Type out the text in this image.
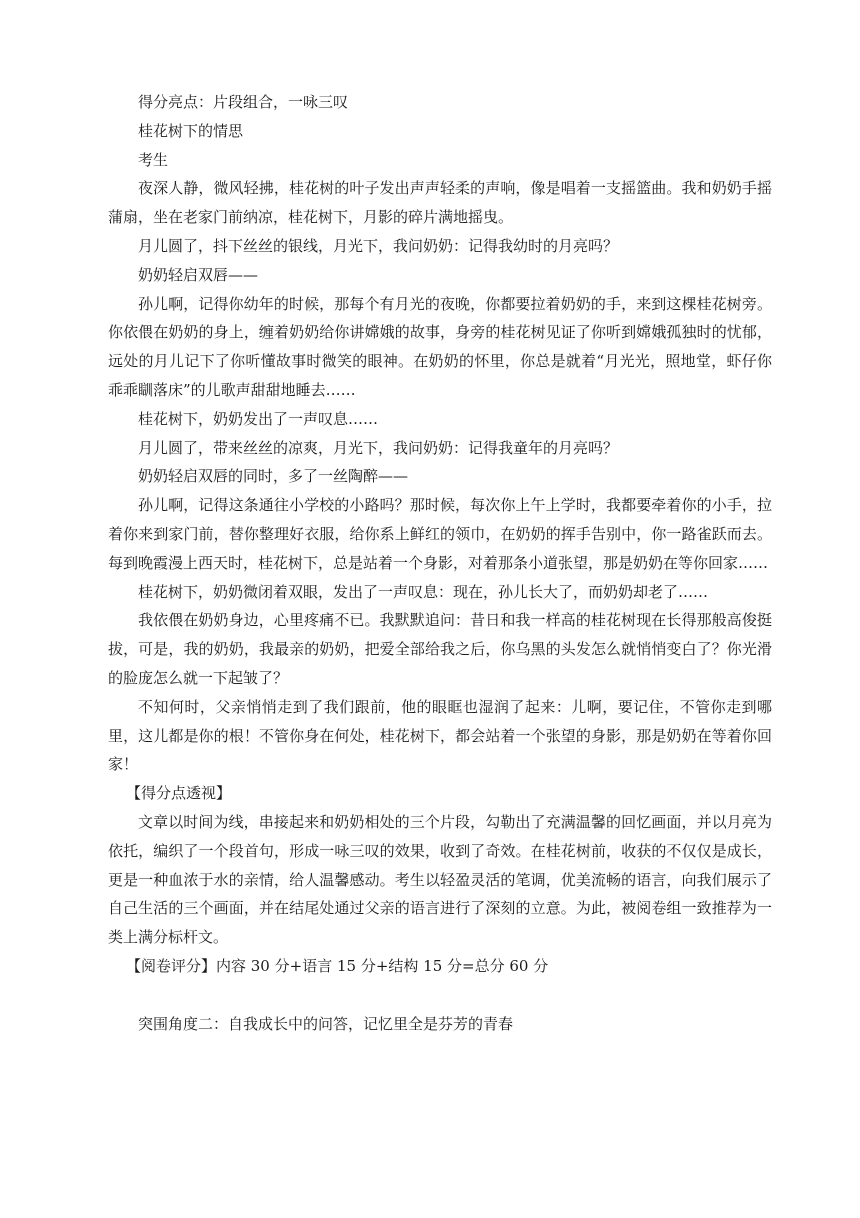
得分亮点：片段组合，一咏三叹

桂花树下的情思

考生

夜深人静，微风轻拂，桂花树的叶子发出声声轻柔的声响，像是唱着一支摇篮曲。我和奶奶手摇蒲扇，坐在老家门前纳凉，桂花树下，月影的碎片满地摇曳。

月儿圆了，抖下丝丝的银线，月光下，我问奶奶：记得我幼时的月亮吗？

奶奶轻启双唇——

孙儿啊，记得你幼年的时候，那每个有月光的夜晚，你都要拉着奶奶的手，来到这棵桂花树旁。你依偎在奶奶的身上，缠着奶奶给你讲嫦娥的故事，身旁的桂花树见证了你听到嫦娥孤独时的忧郁，远处的月儿记下了你听懂故事时微笑的眼神。在奶奶的怀里，你总是就着“月光光，照地堂，虾仔你乖乖瞓落床”的儿歌声甜甜地睡去……

桂花树下，奶奶发出了一声叹息……

月儿圆了，带来丝丝的凉爽，月光下，我问奶奶：记得我童年的月亮吗？

奶奶轻启双唇的同时，多了一丝陶醉——

孙儿啊，记得这条通往小学校的小路吗？那时候，每次你上午上学时，我都要牵着你的小手，拉着你来到家门前，替你整理好衣服，给你系上鲜红的领巾，在奶奶的挥手告别中，你一路雀跃而去。每到晚霞漫上西天时，桂花树下，总是站着一个身影，对着那条小道张望，那是奶奶在等你回家……

桂花树下，奶奶微闭着双眼，发出了一声叹息：现在，孙儿长大了，而奶奶却老了……

我依偎在奶奶身边，心里疼痛不已。我默默追问：昔日和我一样高的桂花树现在长得那般高俊挺拔，可是，我的奶奶，我最亲的奶奶，把爱全部给我之后，你乌黑的头发怎么就悄悄变白了？你光滑的脸庞怎么就一下起皱了？

不知何时，父亲悄悄走到了我们跟前，他的眼眶也湿润了起来：儿啊，要记住，不管你走到哪里，这儿都是你的根！不管你身在何处，桂花树下，都会站着一个张望的身影，那是奶奶在等着你回家！

【得分点透视】

文章以时间为线，串接起来和奶奶相处的三个片段，勾勒出了充满温馨的回忆画面，并以月亮为依托，编织了一个段首句，形成一咏三叹的效果，收到了奇效。在桂花树前，收获的不仅仅是成长，更是一种血浓于水的亲情，给人温馨感动。考生以轻盈灵活的笔调，优美流畅的语言，向我们展示了自己生活的三个画面，并在结尾处通过父亲的语言进行了深刻的立意。为此，被阅卷组一致推荐为一类上满分标杆文。

【阅卷评分】内容 30 分+语言 15 分+结构 15 分=总分 60 分

突围角度二：自我成长中的问答，记忆里全是芬芳的青春
